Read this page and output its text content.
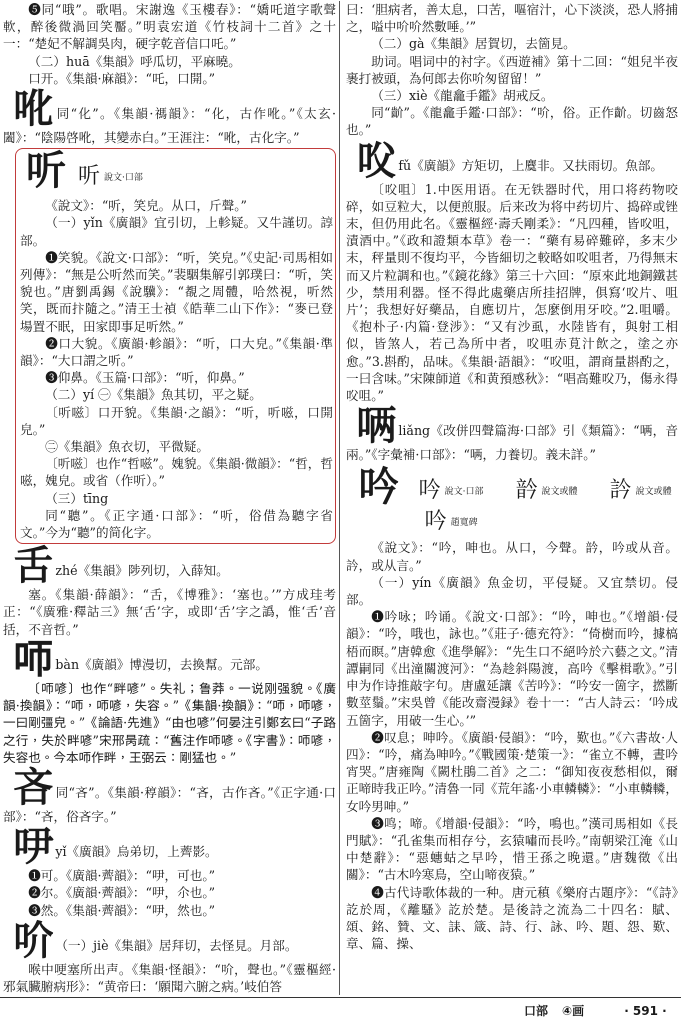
❺同“哦”。歌唱。宋謝逸《玉樓春》：“嬌吒道字歌聲軟，醉後微渦回笑靨。”明袁宏道《竹枝詞十二首》之十一：“楚妃不解調吳肉，硬字乾音信口吒。”

（二）huā《集韻》呼瓜切，平麻曉。

口开。《集韻·麻韻》：“吒，口開。”

吪同“化”。《集韻·禡韻》：“化，古作吪。”《太玄·闔》：“陰陽啓吪，其變赤白。”王涯注：“吪，古化字。”

听 听 說文·口部

《說文》：“听，笑皃。从口，斤聲。”

（一）yǐn《廣韻》宜引切，上軫疑。又牛謹切。諄部。

❶笑貌。《說文·口部》：“听，笑皃。”《史記·司馬相如列傳》：“無是公听然而笑。”裴駰集解引郭璞曰：“听，笑貌也。”唐劉禹錫《說驥》：“覩之周體，哈然視，听然笑，既而抃隨之。”清王士禎《皓華二山下作》：“麥已登場置不眠，田家即事足听然。”

❷口大貌。《廣韻·軫韻》：“听，口大皃。”《集韻·準韻》：“大口謂之听。”

❸仰鼻。《玉篇·口部》：“听，仰鼻。”

（二）yí ㊀《集韻》魚其切，平之疑。

〔听嗞〕口开貌。《集韻·之韻》：“听，听嗞，口開皃。”

㊁《集韻》魚衣切，平微疑。

〔听嗞〕也作“哲嗞”。媿貌。《集韻·微韻》：“哲，哲嗞，媿皃。或省（作听）。”

（三）tīng

同“聽”。《正字通·口部》：“听，俗借為聽字省文。”今为“聽”的简化字。

舌zhé《集韻》陟列切，入薛知。

塞。《集韻·薛韻》：“舌，《博雅》：‘塞也。’”方成珪考正：“《廣雅·釋詁三》無‘舌’字，或即‘舌’字之譌，惟‘舌’音括，不音哲。”

𠯗bàn《廣韻》博漫切，去換幫。元部。

〔𠯗喭〕也作“畔喭”。失礼；鲁莽。一说刚强貌。《廣韻·換韻》：“𠯗，𠯗喭，失容。”《集韻·換韻》：“𠯗，𠯗喭，一曰剛彊皃。”《論語·先進》“由也喭”何晏注引鄭玄曰“子路之行，失於畔喭”宋邢昺疏：“舊注作𠯗喭。《字書》：𠯗喭，失容也。今本𠯗作畔，王弼云：剛猛也。”

吝同“吝”。《集韻·稕韻》：“吝，古作吝。”《正字通·口部》：“吝，俗吝字。”

吚yǐ《廣韻》烏弟切，上薺影。

❶可。《廣韻·薺韻》：“吚，可也。”

❷尔。《廣韻·薺韻》：“吚，尒也。”

❸然。《集韻·薺韻》：“吚，然也。”

吤 （一）jiè《集韻》居拜切，去怪見。月部。

喉中哽塞所出声。《集韻·怪韻》：“吤，聲也。”《靈樞經·邪氣臟腑病形》：“黄帝曰：‘願聞六腑之病。’岐伯答

曰：‘胆病者，善太息，口苦，嘔宿汁，心下淡淡，恐人將捕之，嗌中吤吤然數唾。’”

（二）gà《集韻》居賀切，去箇見。

助词。唱词中的衬字。《西遊補》第十二回：“姐兒半夜裹打被頭，為何郎去你吤匆留留！”

（三）xiè《龍龕手鑑》胡戒反。

同“齘”。《龍龕手鑑·口部》：“吤，俗。正作齘。切齒怒也。”

㕮fǔ《廣韻》方矩切，上麌非。又扶雨切。魚部。

〔㕮咀〕1.中医用语。在无铁器时代，用口将药物咬碎，如豆粒大，以便煎服。后来改为将中药切片、捣碎或锉末，但仍用此名。《靈樞經·壽夭剛柔》：“凡四種，皆㕮咀，漬酒中。”《政和證類本草》卷一：“藥有易碎難碎，多末少末，秤量則不復均平，今皆細切之較略如㕮咀者，乃得無末而又片粒調和也。”《鏡花緣》第三十六回：“原來此地銅鐵甚少，禁用利器。怪不得此處藥店所挂招牌，俱寫‘㕮片、咀片’；我想好好藥品，自應切片，怎麼倒用牙咬。”2.咀嚼。《抱朴子·内篇·登涉》：“又有沙虱，水陸皆有，與射工相似，皆煞人，若己為所中者，㕮咀赤莧汁飲之，塗之亦愈。”3.斟酌，品味。《集韻·語韻》：“㕮咀，謂商量斟酌之，一曰含味。”宋陳師道《和黄預感秋》：“唱高難㕮乃，傷永得㕮咀。”

唡liǎng《改併四聲篇海·口部》引《類篇》：“唡，音兩。”《字彙補·口部》：“唡，力養切。義未詳。”

吟 吟 說文·口部 䪩 說文或體 訡 說文或體
吟趙寬碑

《說文》：“吟，呻也。从口，今聲。䪩，吟或从音。訡，或从言。”

（一）yín《廣韻》魚金切，平侵疑。又宜禁切。侵部。

❶吟咏；吟诵。《說文·口部》：“吟，呻也。”《增韻·侵韻》：“吟，哦也，詠也。”《莊子·德充符》：“倚樹而吟，據槁梧而瞑。”唐韓愈《進學解》：“先生口不絕吟於六藝之文。”清譚嗣同《出潼關渡河》：“為趁斜陽渡，高吟《擊楫歌》。”引申为作诗推敲字句。唐盧延讓《苦吟》：“吟安一箇字，撚斷數莖鬚。”宋吳曾《能改齋漫録》卷十一：“古人詩云：‘吟成五箇字，用破一生心。’”

❷叹息；呻吟。《廣韻·侵韻》：“吟，歎也。”《六書故·人四》：“吟，痛為呻吟。”《戰國策·楚策一》：“雀立不轉，晝吟宵哭。”唐雍陶《闕杜鵑二首》之二：“御知夜夜愁相似，爾正啼時我正吟。”清魯一同《荒年謠·小車轔轔》：“小車轔轔，女吟男呻。”

❸鸣；啼。《增韻·侵韻》：“吟，鳴也。”漢司馬相如《長門賦》：“孔雀集而相存兮，玄猿嘯而長吟。”南朝梁江淹《山中楚辭》：“惡蟪蛄之早吟，惜王孫之晚還。”唐魏徵《出關》：“古木吟寒鳥，空山啼夜猿。”

❹古代诗歌体裁的一种。唐元稹《樂府古題序》：“《詩》訖於周，《離騷》訖於楚。是後詩之流為二十四名：賦、頌、銘、贊、文、誄、箴、詩、行、詠、吟、題、怨、歎、章、篇、操、

口部 ④画	· 591 ·
